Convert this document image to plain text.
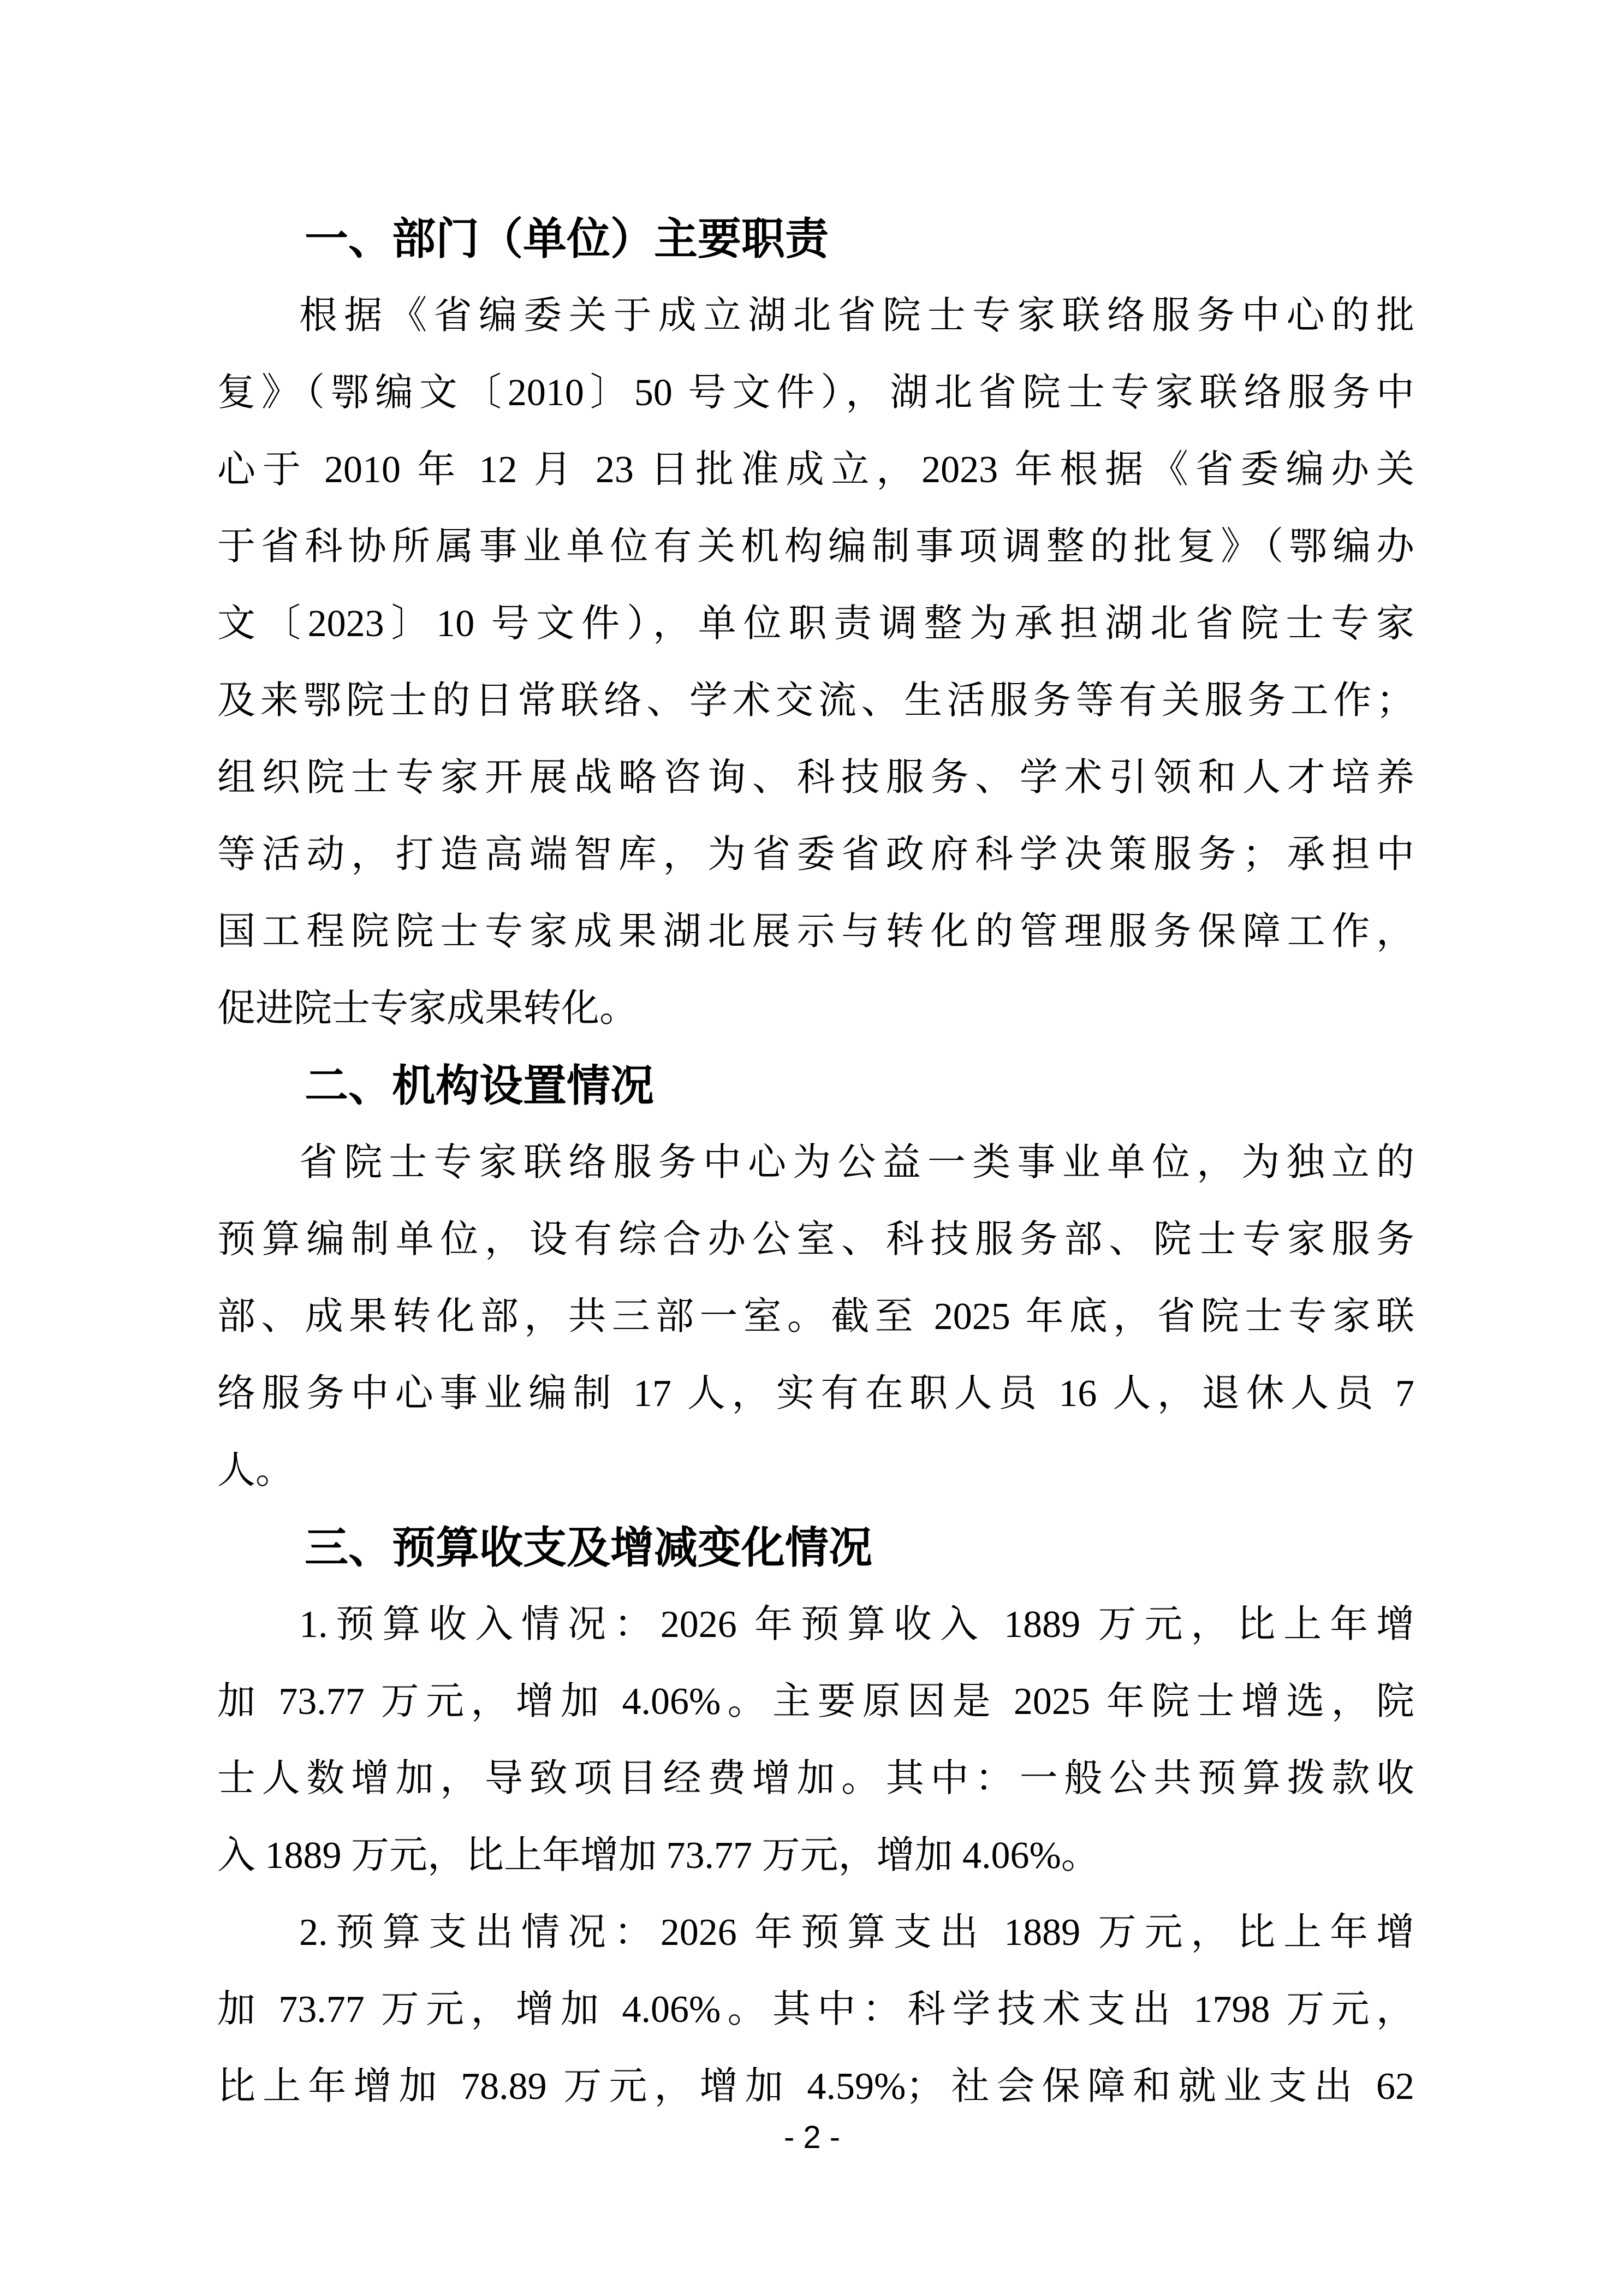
一、部门（单位）主要职责
根据《省编委关于成立湖北省院士专家联络服务中心的批
复》（鄂编文〔2010〕50 号文件），湖北省院士专家联络服务中
心于 2010 年 12 月 23 日批准成立，2023 年根据《省委编办关
于省科协所属事业单位有关机构编制事项调整的批复》（鄂编办
文〔2023〕10 号文件），单位职责调整为承担湖北省院士专家
及来鄂院士的日常联络、学术交流、生活服务等有关服务工作；
组织院士专家开展战略咨询、科技服务、学术引领和人才培养
等活动，打造高端智库，为省委省政府科学决策服务；承担中
国工程院院士专家成果湖北展示与转化的管理服务保障工作，
促进院士专家成果转化。
二、机构设置情况
省院士专家联络服务中心为公益一类事业单位，为独立的
预算编制单位，设有综合办公室、科技服务部、院士专家服务
部、成果转化部，共三部一室。截至 2025 年底，省院士专家联
络服务中心事业编制 17 人，实有在职人员 16 人，退休人员 7
人。
三、预算收支及增减变化情况
1.预算收入情况：2026 年预算收入 1889 万元，比上年增
加 73.77 万元，增加 4.06%。主要原因是 2025 年院士增选，院
士人数增加，导致项目经费增加。其中：一般公共预算拨款收
入 1889 万元，比上年增加 73.77 万元，增加 4.06%。
2.预算支出情况：2026 年预算支出 1889 万元，比上年增
加 73.77 万元，增加 4.06%。其中：科学技术支出 1798 万元，
比上年增加 78.89 万元，增加 4.59%；社会保障和就业支出 62
- 2 -
